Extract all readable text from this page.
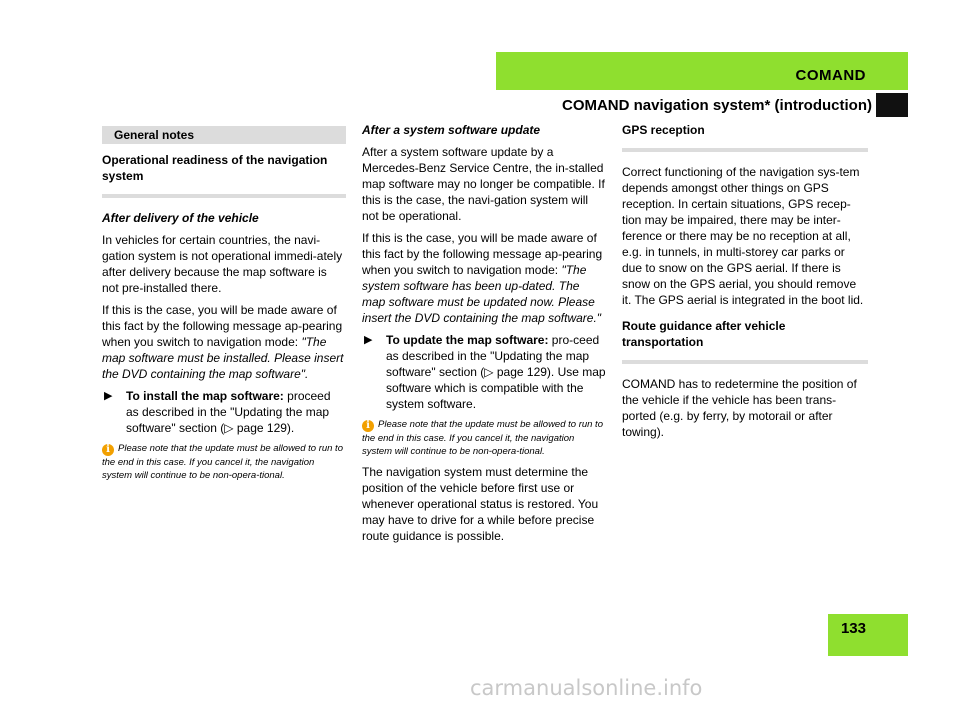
COMAND
COMAND navigation system* (introduction)
General notes

Operational readiness of the navigation system

After delivery of the vehicle

In vehicles for certain countries, the navi-gation system is not operational immedi-ately after delivery because the map software is not pre-installed there.

If this is the case, you will be made aware of this fact by the following message ap-pearing when you switch to navigation mode: "The map software must be installed. Please insert the DVD containing the map software".

▶	To install the map software: proceed as described in the "Updating the map software" section (▷ page 129).

i Please note that the update must be allowed to run to the end in this case. If you cancel it, the navigation system will continue to be non-opera-tional.

After a system software update

After a system software update by a Mercedes-Benz Service Centre, the in-stalled map software may no longer be compatible. If this is the case, the navi-gation system will not be operational.

If this is the case, you will be made aware of this fact by the following message ap-pearing when you switch to navigation mode: "The system software has been up-dated. The map software must be updated now. Please insert the DVD containing the map software."

▶	To update the map software: pro-ceed as described in the "Updating the map software" section (▷ page 129). Use map software which is compatible with the system software.

i Please note that the update must be allowed to run to the end in this case. If you cancel it, the navigation system will continue to be non-opera-tional.

The navigation system must determine the position of the vehicle before first use or whenever operational status is restored. You may have to drive for a while before precise route guidance is possible.

GPS reception

Correct functioning of the navigation sys-tem depends amongst other things on GPS reception. In certain situations, GPS recep-tion may be impaired, there may be inter-ference or there may be no reception at all, e.g. in tunnels, in multi-storey car parks or due to snow on the GPS aerial. If there is snow on the GPS aerial, you should remove it. The GPS aerial is integrated in the boot lid.

Route guidance after vehicle transportation

COMAND has to redetermine the position of the vehicle if the vehicle has been trans-ported (e.g. by ferry, by motorail or after towing).

133
carmanualsonline.info
